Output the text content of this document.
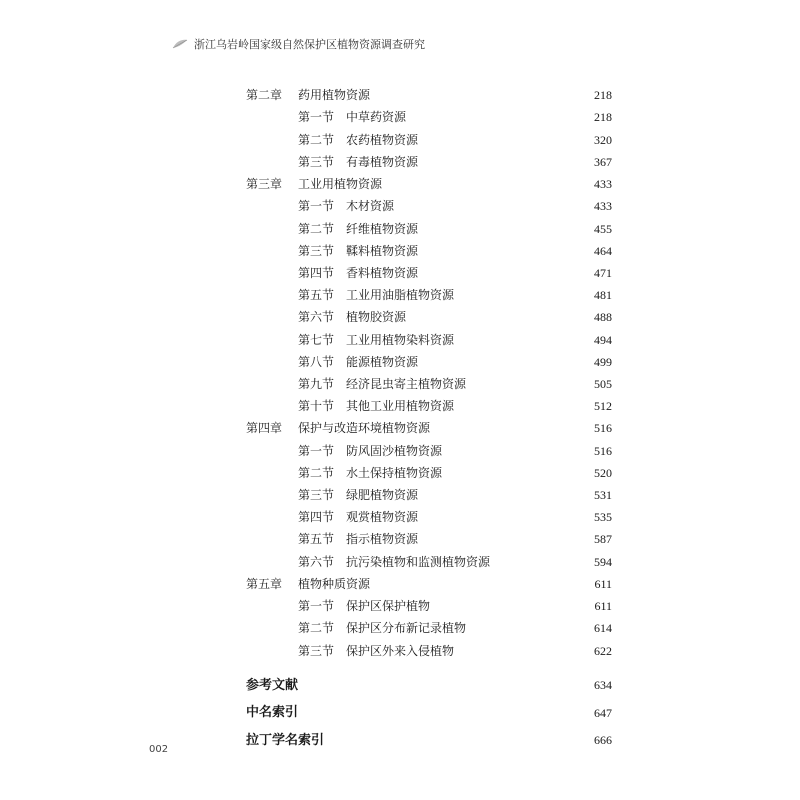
浙江乌岩岭国家级自然保护区植物资源调查研究
第二章	药用植物资源	218
第一节 中草药资源	218
第二节 农药植物资源	320
第三节 有毒植物资源	367
第三章	工业用植物资源	433
第一节 木材资源	433
第二节 纤维植物资源	455
第三节 鞣料植物资源	464
第四节 香料植物资源	471
第五节 工业用油脂植物资源	481
第六节 植物胶资源	488
第七节 工业用植物染料资源	494
第八节 能源植物资源	499
第九节 经济昆虫寄主植物资源	505
第十节 其他工业用植物资源	512
第四章	保护与改造环境植物资源	516
第一节 防风固沙植物资源	516
第二节 水土保持植物资源	520
第三节 绿肥植物资源	531
第四节 观赏植物资源	535
第五节 指示植物资源	587
第六节 抗污染植物和监测植物资源	594
第五章	植物种质资源	611
第一节 保护区保护植物	611
第二节 保护区分布新记录植物	614
第三节 保护区外来入侵植物	622
参考文献	634
中名索引	647
拉丁学名索引	666
002
